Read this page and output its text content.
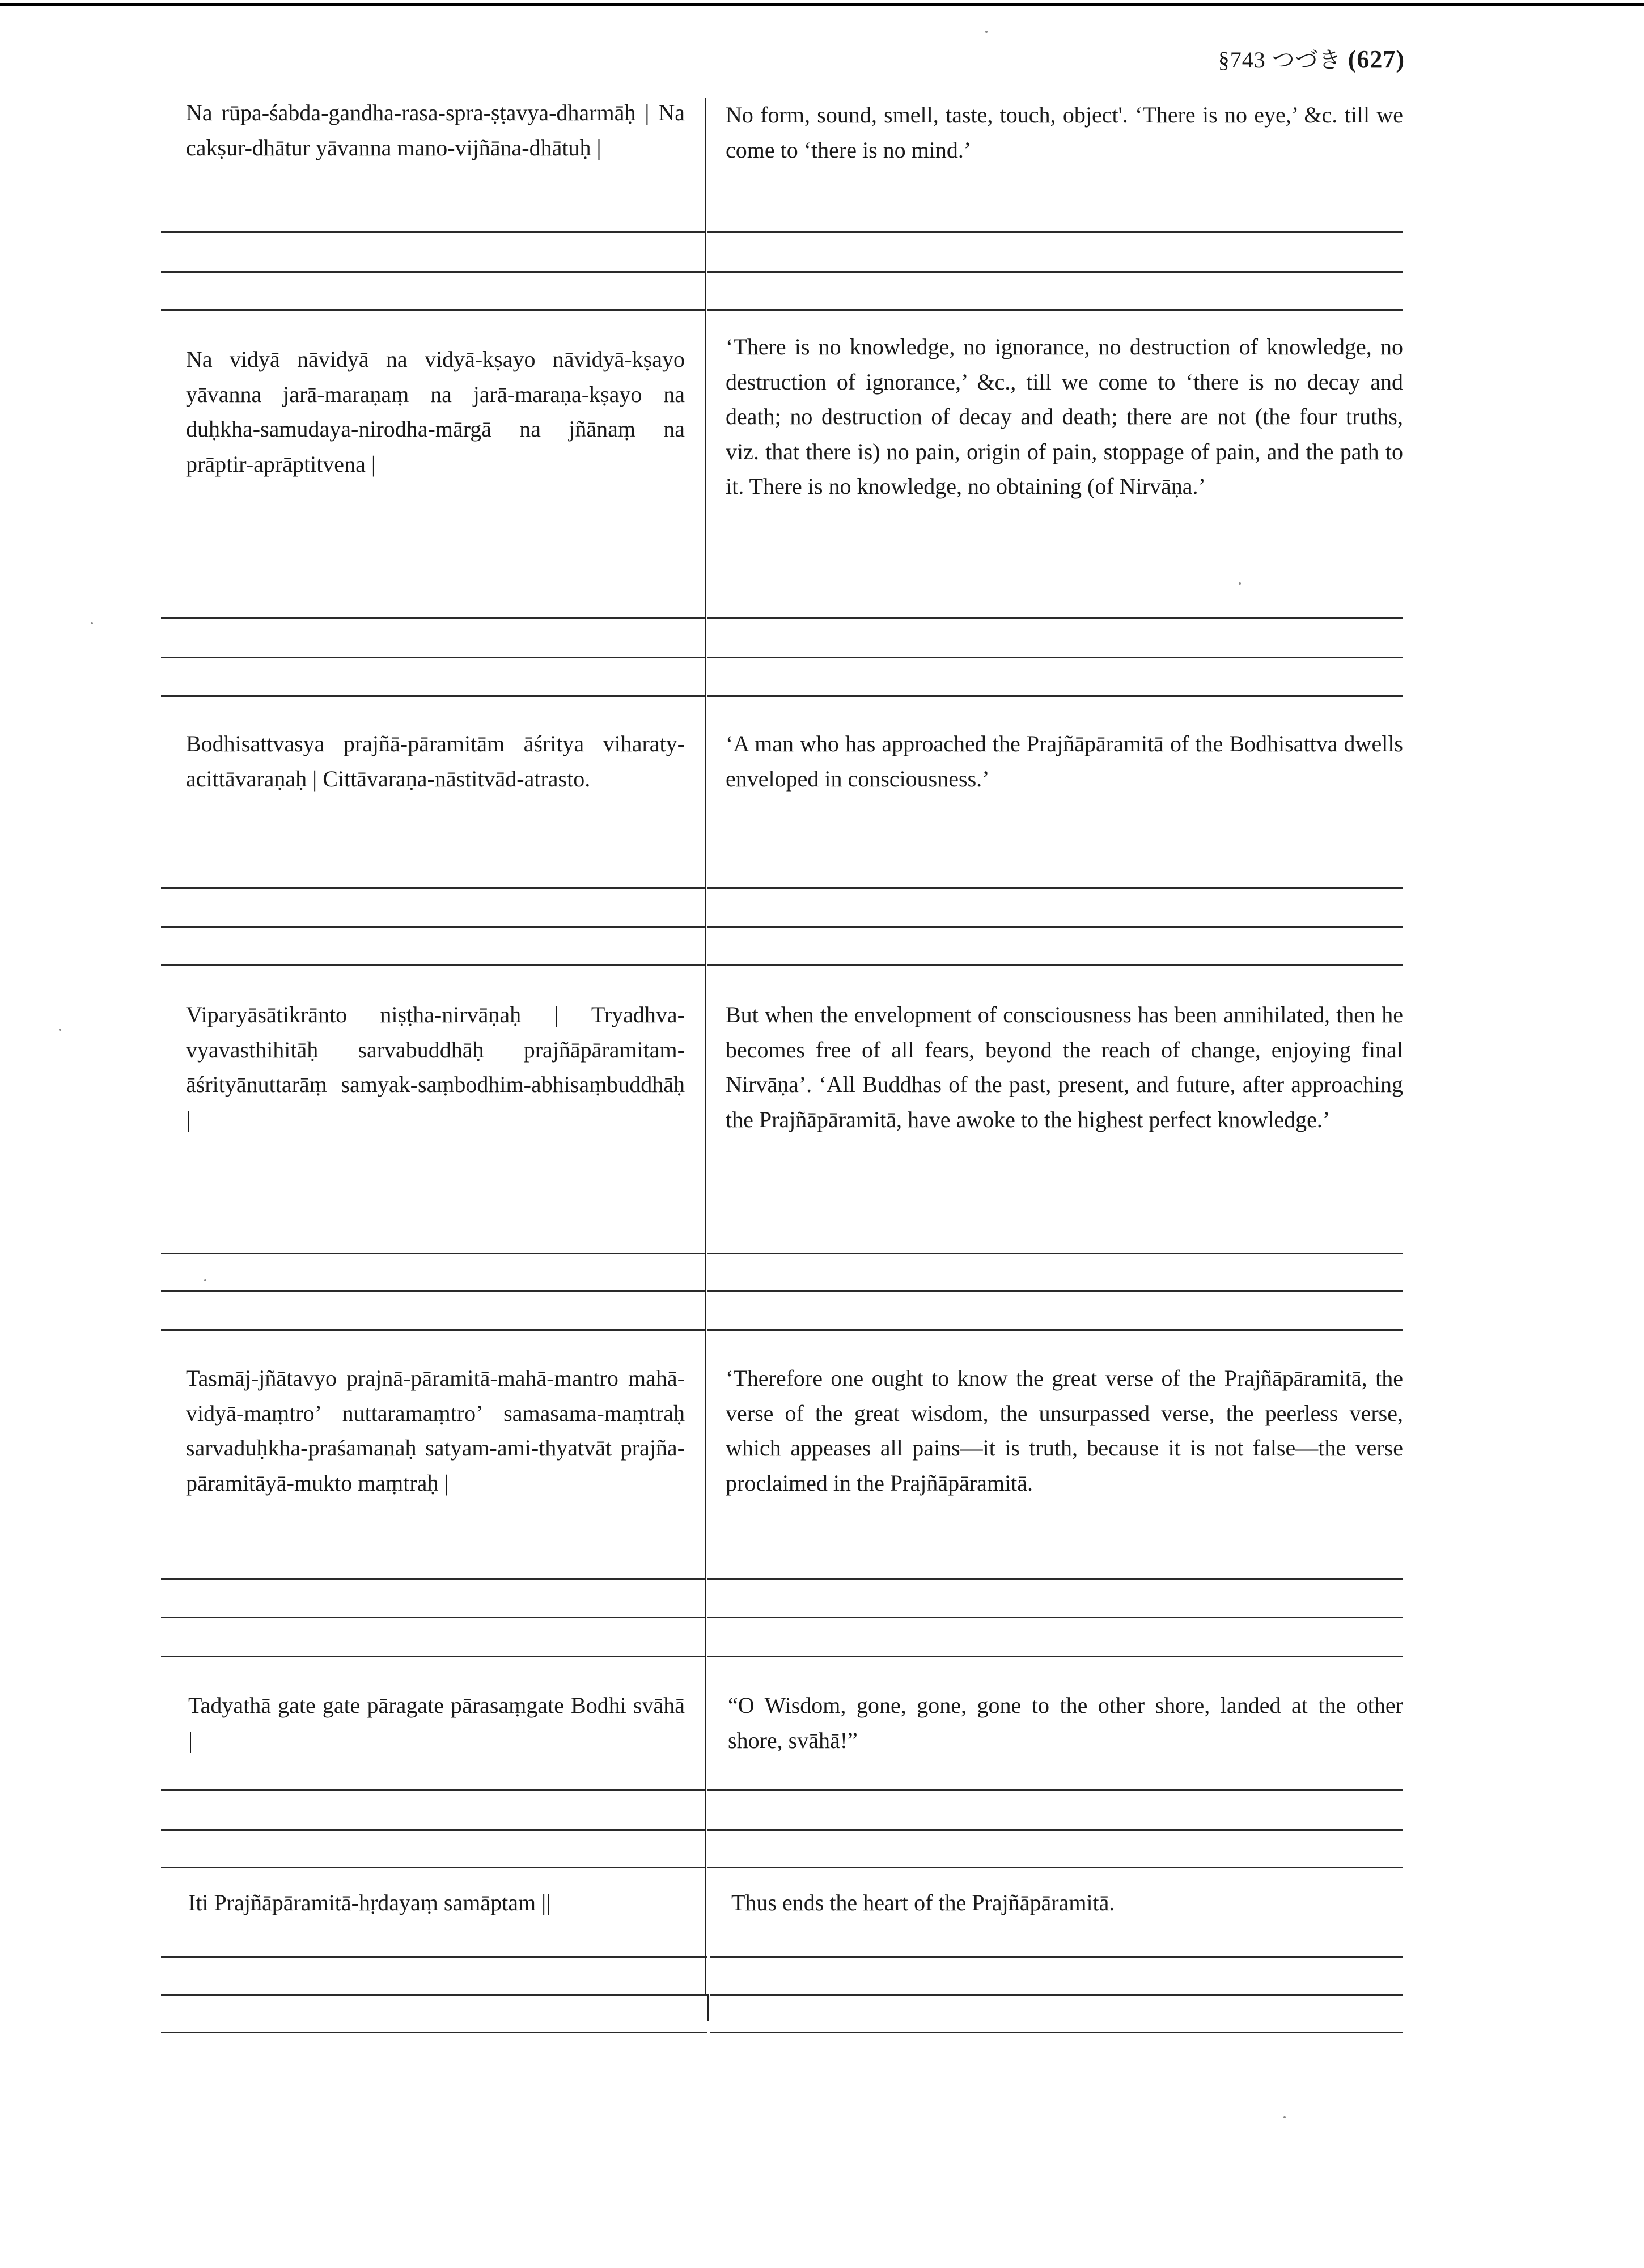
§743 つづき (627)
Na rūpa-śabda-gandha-rasa-spra-ṣṭavya-dharmāḥ | Na cakṣur-dhātur yāvanna mano-vijñāna-dhātuḥ |
No form, sound, smell, taste, touch, object'. ‘There is no eye,’ &c. till we come to ‘there is no mind.’
Na vidyā nāvidyā na vidyā-kṣayo nāvidyā-kṣayo yāvanna jarā-maraṇaṃ na jarā-maraṇa-kṣayo na duḥkha-samudaya-nirodha-mārgā na jñānaṃ na prāptir-aprāptitvena |
‘There is no knowledge, no ignorance, no destruction of knowledge, no destruction of ignorance,’ &c., till we come to ‘there is no decay and death; no destruction of decay and death; there are not (the four truths, viz. that there is) no pain, origin of pain, stoppage of pain, and the path to it. There is no knowledge, no obtaining (of Nirvāṇa.’
Bodhisattvasya prajñā-pāramitām āśritya viharaty-acittāvaraṇaḥ | Cittāvaraṇa-nāstitvād-atrasto.
‘A man who has approached the Prajñāpāramitā of the Bodhisattva dwells enveloped in consciousness.’
Viparyāsātikrānto niṣṭha-nirvāṇaḥ | Tryadhva-vyavasthihitāḥ sarvabuddhāḥ prajñāpāramitam-āśrityānuttarāṃ samyak-saṃbodhim-abhisaṃbuddhāḥ |
But when the envelopment of consciousness has been annihilated, then he becomes free of all fears, beyond the reach of change, enjoying final Nirvāṇa’. ‘All Buddhas of the past, present, and future, after approaching the Prajñāpāramitā, have awoke to the highest perfect knowledge.’
Tasmāj-jñātavyo prajnā-pāramitā-mahā-mantro mahā-vidyā-maṃtro’ nuttaramaṃtro’ samasama-maṃtraḥ sarvaduḥkha-praśamanaḥ satyam-ami-thyatvāt prajña-pāramitāyā-mukto maṃtraḥ |
‘Therefore one ought to know the great verse of the Prajñāpāramitā, the verse of the great wisdom, the unsurpassed verse, the peerless verse, which appeases all pains—it is truth, because it is not false—the verse proclaimed in the Prajñāpāramitā.
Tadyathā gate gate pāragate pārasaṃgate Bodhi svāhā |
“O Wisdom, gone, gone, gone to the other shore, landed at the other shore, svāhā!”
Iti Prajñāpāramitā-hṛdayaṃ samāptam ||	Thus ends the heart of the Prajñāpāramitā.
